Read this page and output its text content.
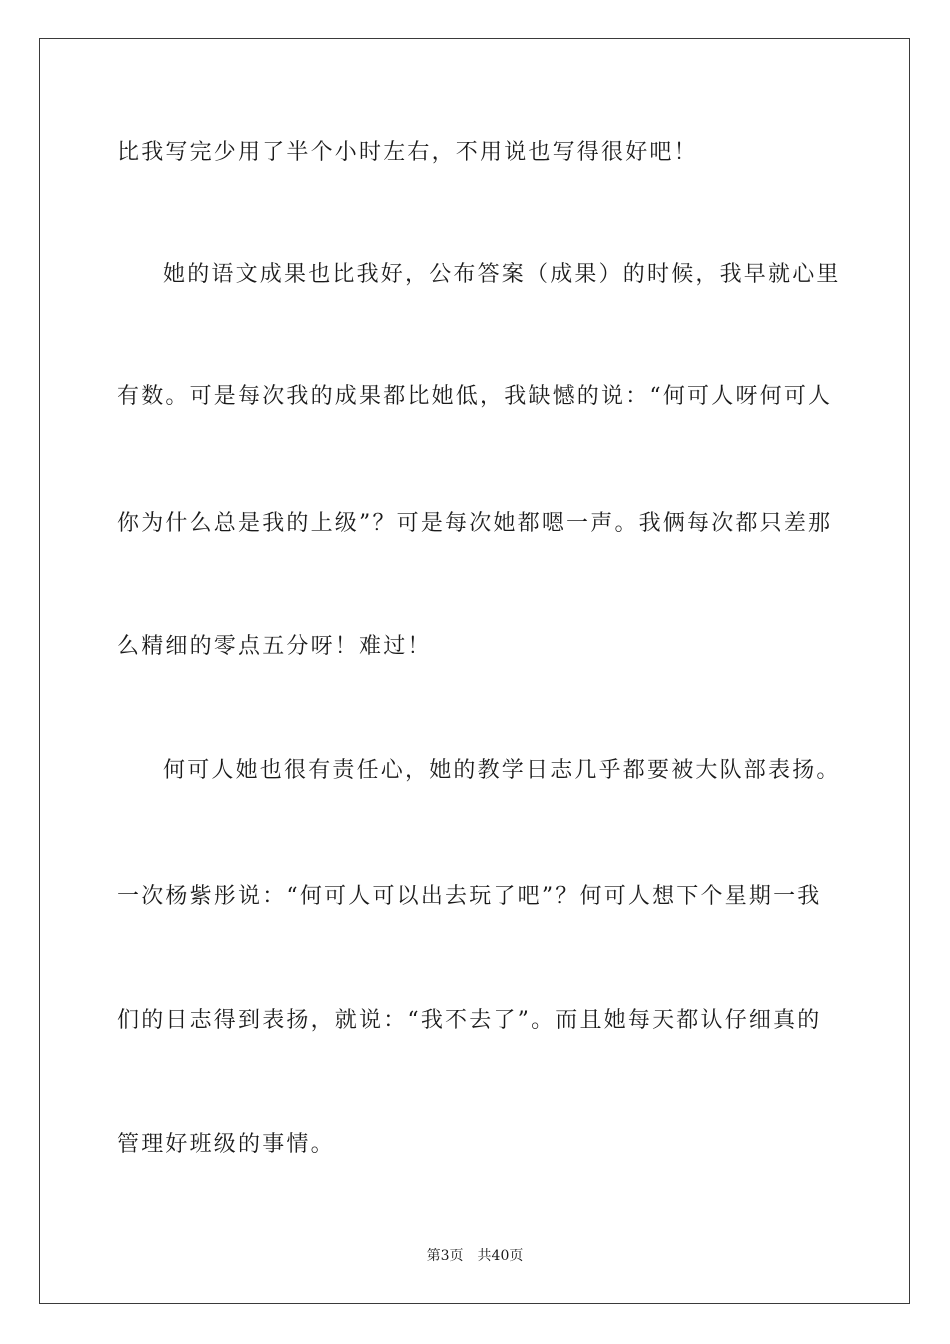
比我写完少用了半个小时左右，不用说也写得很好吧！
她的语文成果也比我好，公布答案（成果）的时候，我早就心里
有数。可是每次我的成果都比她低，我缺憾的说：“何可人呀何可人
你为什么总是我的上级”？可是每次她都嗯一声。我俩每次都只差那
么精细的零点五分呀！难过！
何可人她也很有责任心，她的教学日志几乎都要被大队部表扬。
一次杨紫彤说：“何可人可以出去玩了吧”？何可人想下个星期一我
们的日志得到表扬，就说：“我不去了”。而且她每天都认仔细真的
管理好班级的事情。
第3页 共40页
